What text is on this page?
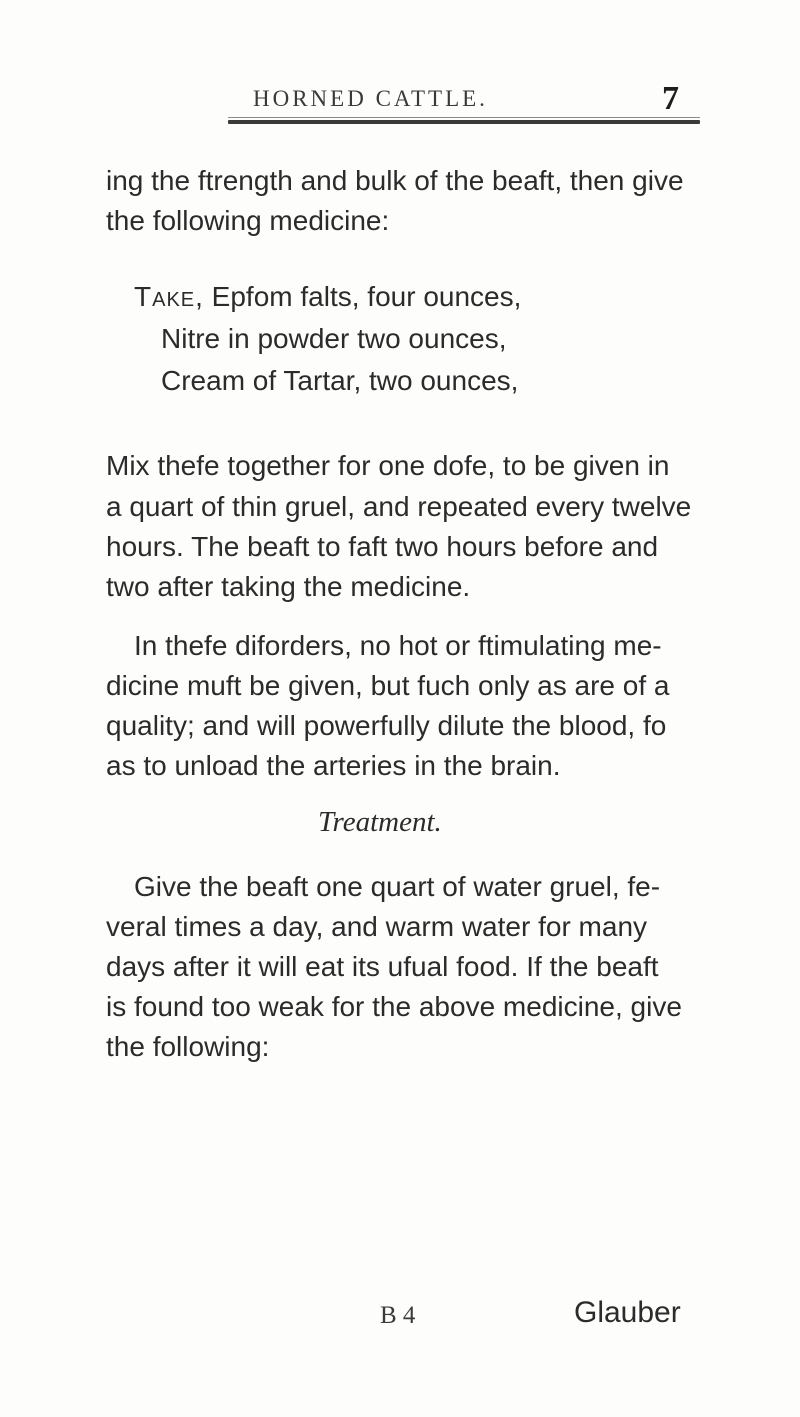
HORNED CATTLE.	7
ing the ftrength and bulk of the beaft, then give
the following medicine:
Take, Epfom falts, four ounces,
Nitre in powder two ounces,
Cream of Tartar, two ounces,
Mix thefe together for one dofe, to be given in
a quart of thin gruel, and repeated every twelve
hours. The beaft to faft two hours before and
two after taking the medicine.
In thefe diforders, no hot or ftimulating me-
dicine muft be given, but fuch only as are of a
quality; and will powerfully dilute the blood, fo
as to unload the arteries in the brain.
Treatment.
Give the beaft one quart of water gruel, fe-
veral times a day, and warm water for many
days after it will eat its ufual food. If the beaft
is found too weak for the above medicine, give
the following:
B 4	Glauber
